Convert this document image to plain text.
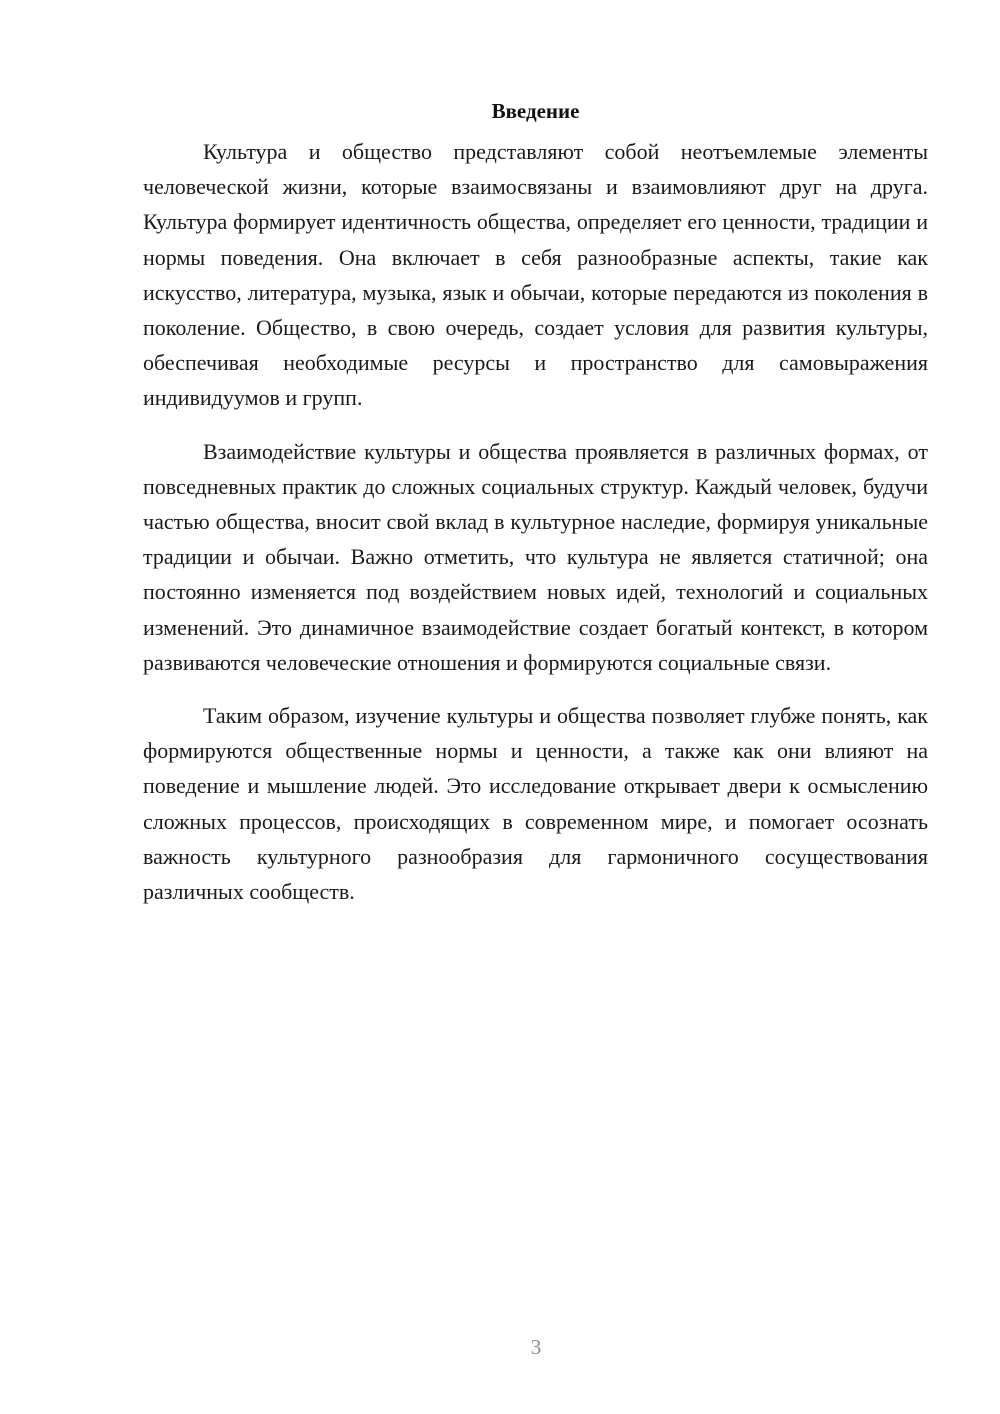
Введение

Культура и общество представляют собой неотъемлемые элементы человеческой жизни, которые взаимосвязаны и взаимовлияют друг на друга. Культура формирует идентичность общества, определяет его ценности, традиции и нормы поведения. Она включает в себя разнообразные аспекты, такие как искусство, литература, музыка, язык и обычаи, которые передаются из поколения в поколение. Общество, в свою очередь, создает условия для развития культуры, обеспечивая необходимые ресурсы и пространство для самовыражения индивидуумов и групп.

Взаимодействие культуры и общества проявляется в различных формах, от повседневных практик до сложных социальных структур. Каждый человек, будучи частью общества, вносит свой вклад в культурное наследие, формируя уникальные традиции и обычаи. Важно отметить, что культура не является статичной; она постоянно изменяется под воздействием новых идей, технологий и социальных изменений. Это динамичное взаимодействие создает богатый контекст, в котором развиваются человеческие отношения и формируются социальные связи.

Таким образом, изучение культуры и общества позволяет глубже понять, как формируются общественные нормы и ценности, а также как они влияют на поведение и мышление людей. Это исследование открывает двери к осмыслению сложных процессов, происходящих в современном мире, и помогает осознать важность культурного разнообразия для гармоничного сосуществования различных сообществ.

3
